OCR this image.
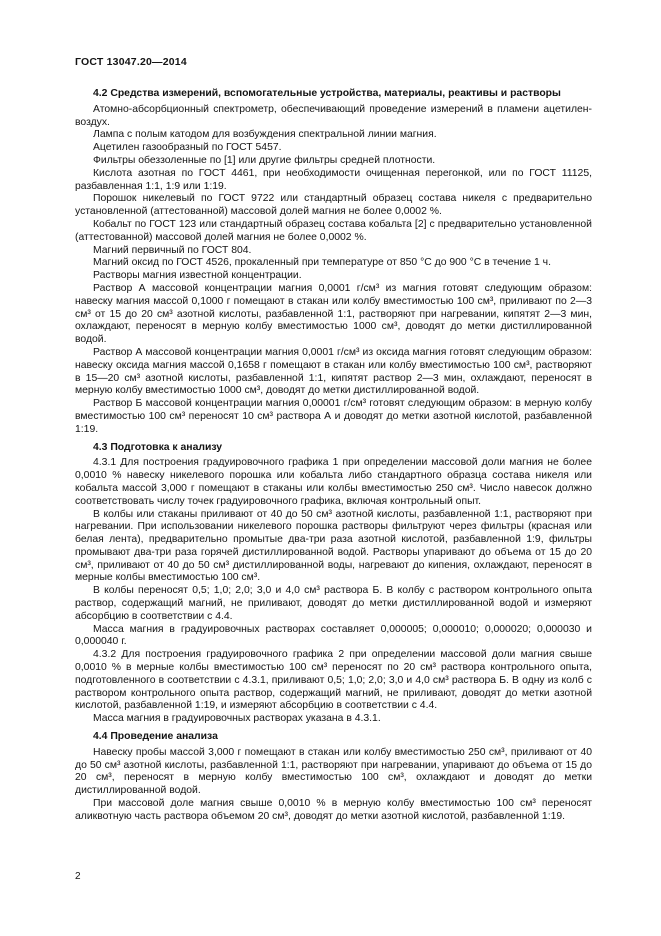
ГОСТ 13047.20—2014

4.2 Средства измерений, вспомогательные устройства, материалы, реактивы и растворы

Атомно-абсорбционный спектрометр, обеспечивающий проведение измерений в пламени ацетилен-воздух.

Лампа с полым катодом для возбуждения спектральной линии магния.

Ацетилен газообразный по ГОСТ 5457.

Фильтры обеззоленные по [1] или другие фильтры средней плотности.

Кислота азотная по ГОСТ 4461, при необходимости очищенная перегонкой, или по ГОСТ 11125, разбавленная 1:1, 1:9 или 1:19.

Порошок никелевый по ГОСТ 9722 или стандартный образец состава никеля с предварительно установленной (аттестованной) массовой долей магния не более 0,0002 %.

Кобальт по ГОСТ 123 или стандартный образец состава кобальта [2] с предварительно установленной (аттестованной) массовой долей магния не более 0,0002 %.

Магний первичный по ГОСТ 804.

Магний оксид по ГОСТ 4526, прокаленный при температуре от 850 °С до 900 °С в течение 1 ч.

Растворы магния известной концентрации.

Раствор А массовой концентрации магния 0,0001 г/см³ из магния готовят следующим образом: навеску магния массой 0,1000 г помещают в стакан или колбу вместимостью 100 см³, приливают по 2—3 см³ от 15 до 20 см³ азотной кислоты, разбавленной 1:1, растворяют при нагревании, кипятят 2—3 мин, охлаждают, переносят в мерную колбу вместимостью 1000 см³, доводят до метки дистиллированной водой.

Раствор А массовой концентрации магния 0,0001 г/см³ из оксида магния готовят следующим образом: навеску оксида магния массой 0,1658 г помещают в стакан или колбу вместимостью 100 см³, растворяют в 15—20 см³ азотной кислоты, разбавленной 1:1, кипятят раствор 2—3 мин, охлаждают, переносят в мерную колбу вместимостью 1000 см³, доводят до метки дистиллированной водой.

Раствор Б массовой концентрации магния 0,00001 г/см³ готовят следующим образом: в мерную колбу вместимостью 100 см³ переносят 10 см³ раствора А и доводят до метки азотной кислотой, разбавленной 1:19.

4.3 Подготовка к анализу

4.3.1 Для построения градуировочного графика 1 при определении массовой доли магния не более 0,0010 % навеску никелевого порошка или кобальта либо стандартного образца состава никеля или кобальта массой 3,000 г помещают в стаканы или колбы вместимостью 250 см³. Число навесок должно соответствовать числу точек градуировочного графика, включая контрольный опыт.

В колбы или стаканы приливают от 40 до 50 см³ азотной кислоты, разбавленной 1:1, растворяют при нагревании. При использовании никелевого порошка растворы фильтруют через фильтры (красная или белая лента), предварительно промытые два-три раза азотной кислотой, разбавленной 1:9, фильтры промывают два-три раза горячей дистиллированной водой. Растворы упаривают до объема от 15 до 20 см³, приливают от 40 до 50 см³ дистиллированной воды, нагревают до кипения, охлаждают, переносят в мерные колбы вместимостью 100 см³.

В колбы переносят 0,5; 1,0; 2,0; 3,0 и 4,0 см³ раствора Б. В колбу с раствором контрольного опыта раствор, содержащий магний, не приливают, доводят до метки дистиллированной водой и измеряют абсорбцию в соответствии с 4.4.

Масса магния в градуировочных растворах составляет 0,000005; 0,000010; 0,000020; 0,000030 и 0,000040 г.

4.3.2 Для построения градуировочного графика 2 при определении массовой доли магния свыше 0,0010 % в мерные колбы вместимостью 100 см³ переносят по 20 см³ раствора контрольного опыта, подготовленного в соответствии с 4.3.1, приливают 0,5; 1,0; 2,0; 3,0 и 4,0 см³ раствора Б. В одну из колб с раствором контрольного опыта раствор, содержащий магний, не приливают, доводят до метки азотной кислотой, разбавленной 1:19, и измеряют абсорбцию в соответствии с 4.4.

Масса магния в градуировочных растворах указана в 4.3.1.

4.4 Проведение анализа

Навеску пробы массой 3,000 г помещают в стакан или колбу вместимостью 250 см³, приливают от 40 до 50 см³ азотной кислоты, разбавленной 1:1, растворяют при нагревании, упаривают до объема от 15 до 20 см³, переносят в мерную колбу вместимостью 100 см³, охлаждают и доводят до метки дистиллированной водой.

При массовой доле магния свыше 0,0010 % в мерную колбу вместимостью 100 см³ переносят аликвотную часть раствора объемом 20 см³, доводят до метки азотной кислотой, разбавленной 1:19.

2
